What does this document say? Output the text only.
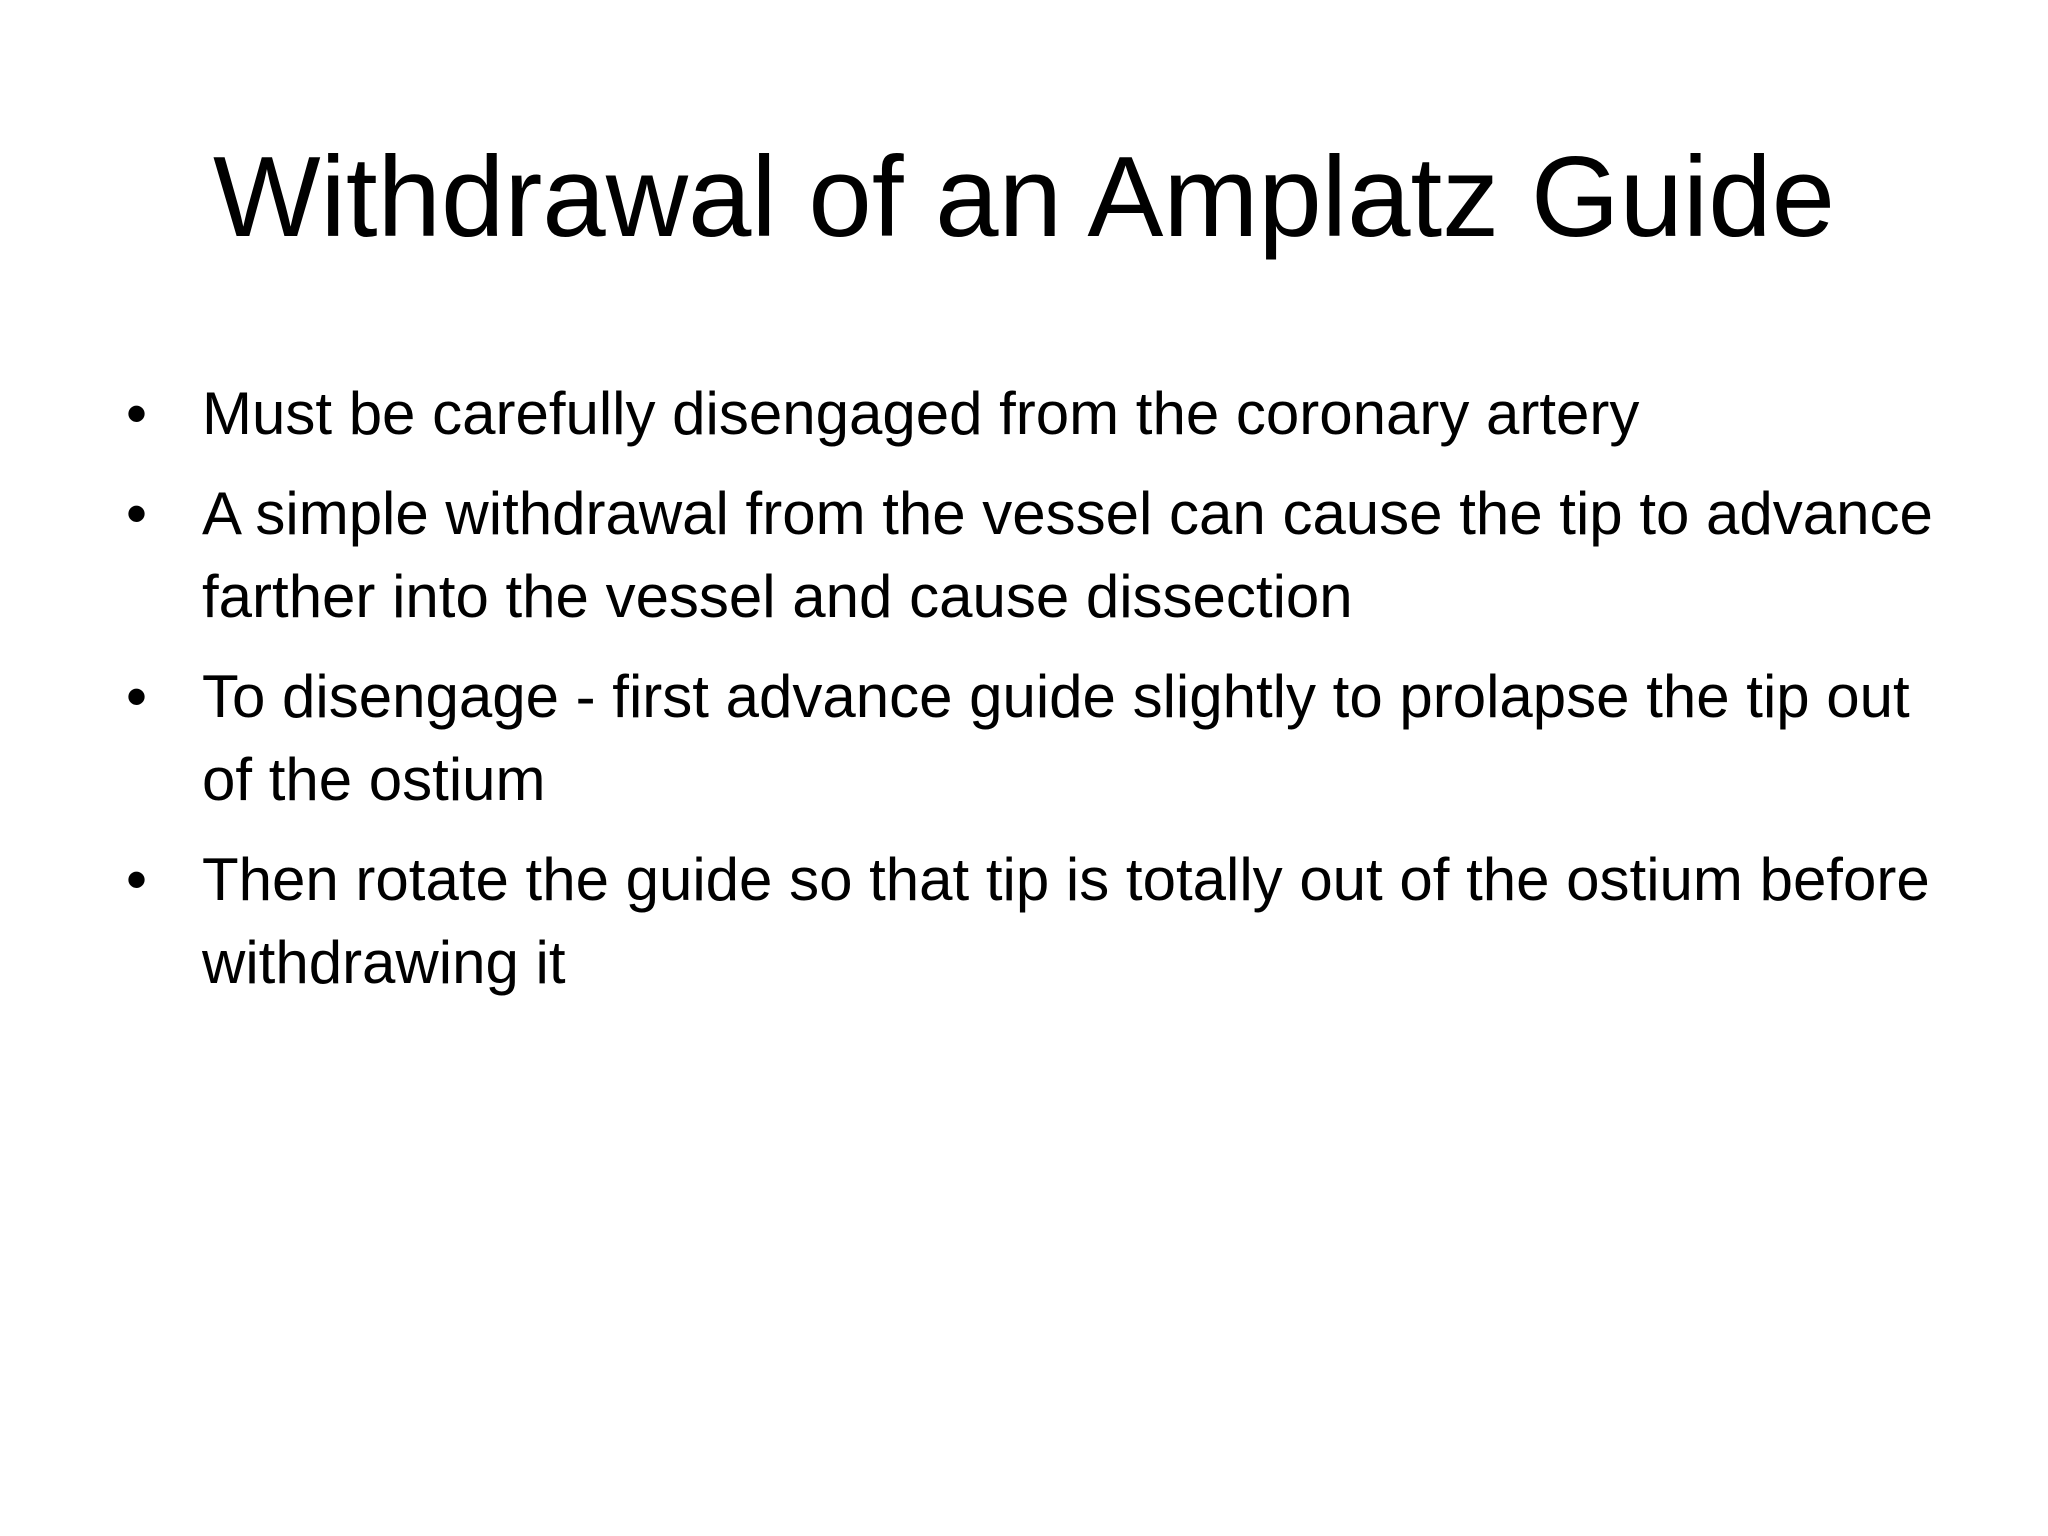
Withdrawal of an Amplatz Guide
• Must be carefully disengaged from the coronary artery
• A simple withdrawal from the vessel can cause the tip to advance farther into the vessel and cause dissection
• To disengage - first advance guide slightly to prolapse the tip out of the ostium
• Then rotate the guide so that tip is totally out of the ostium before withdrawing it
